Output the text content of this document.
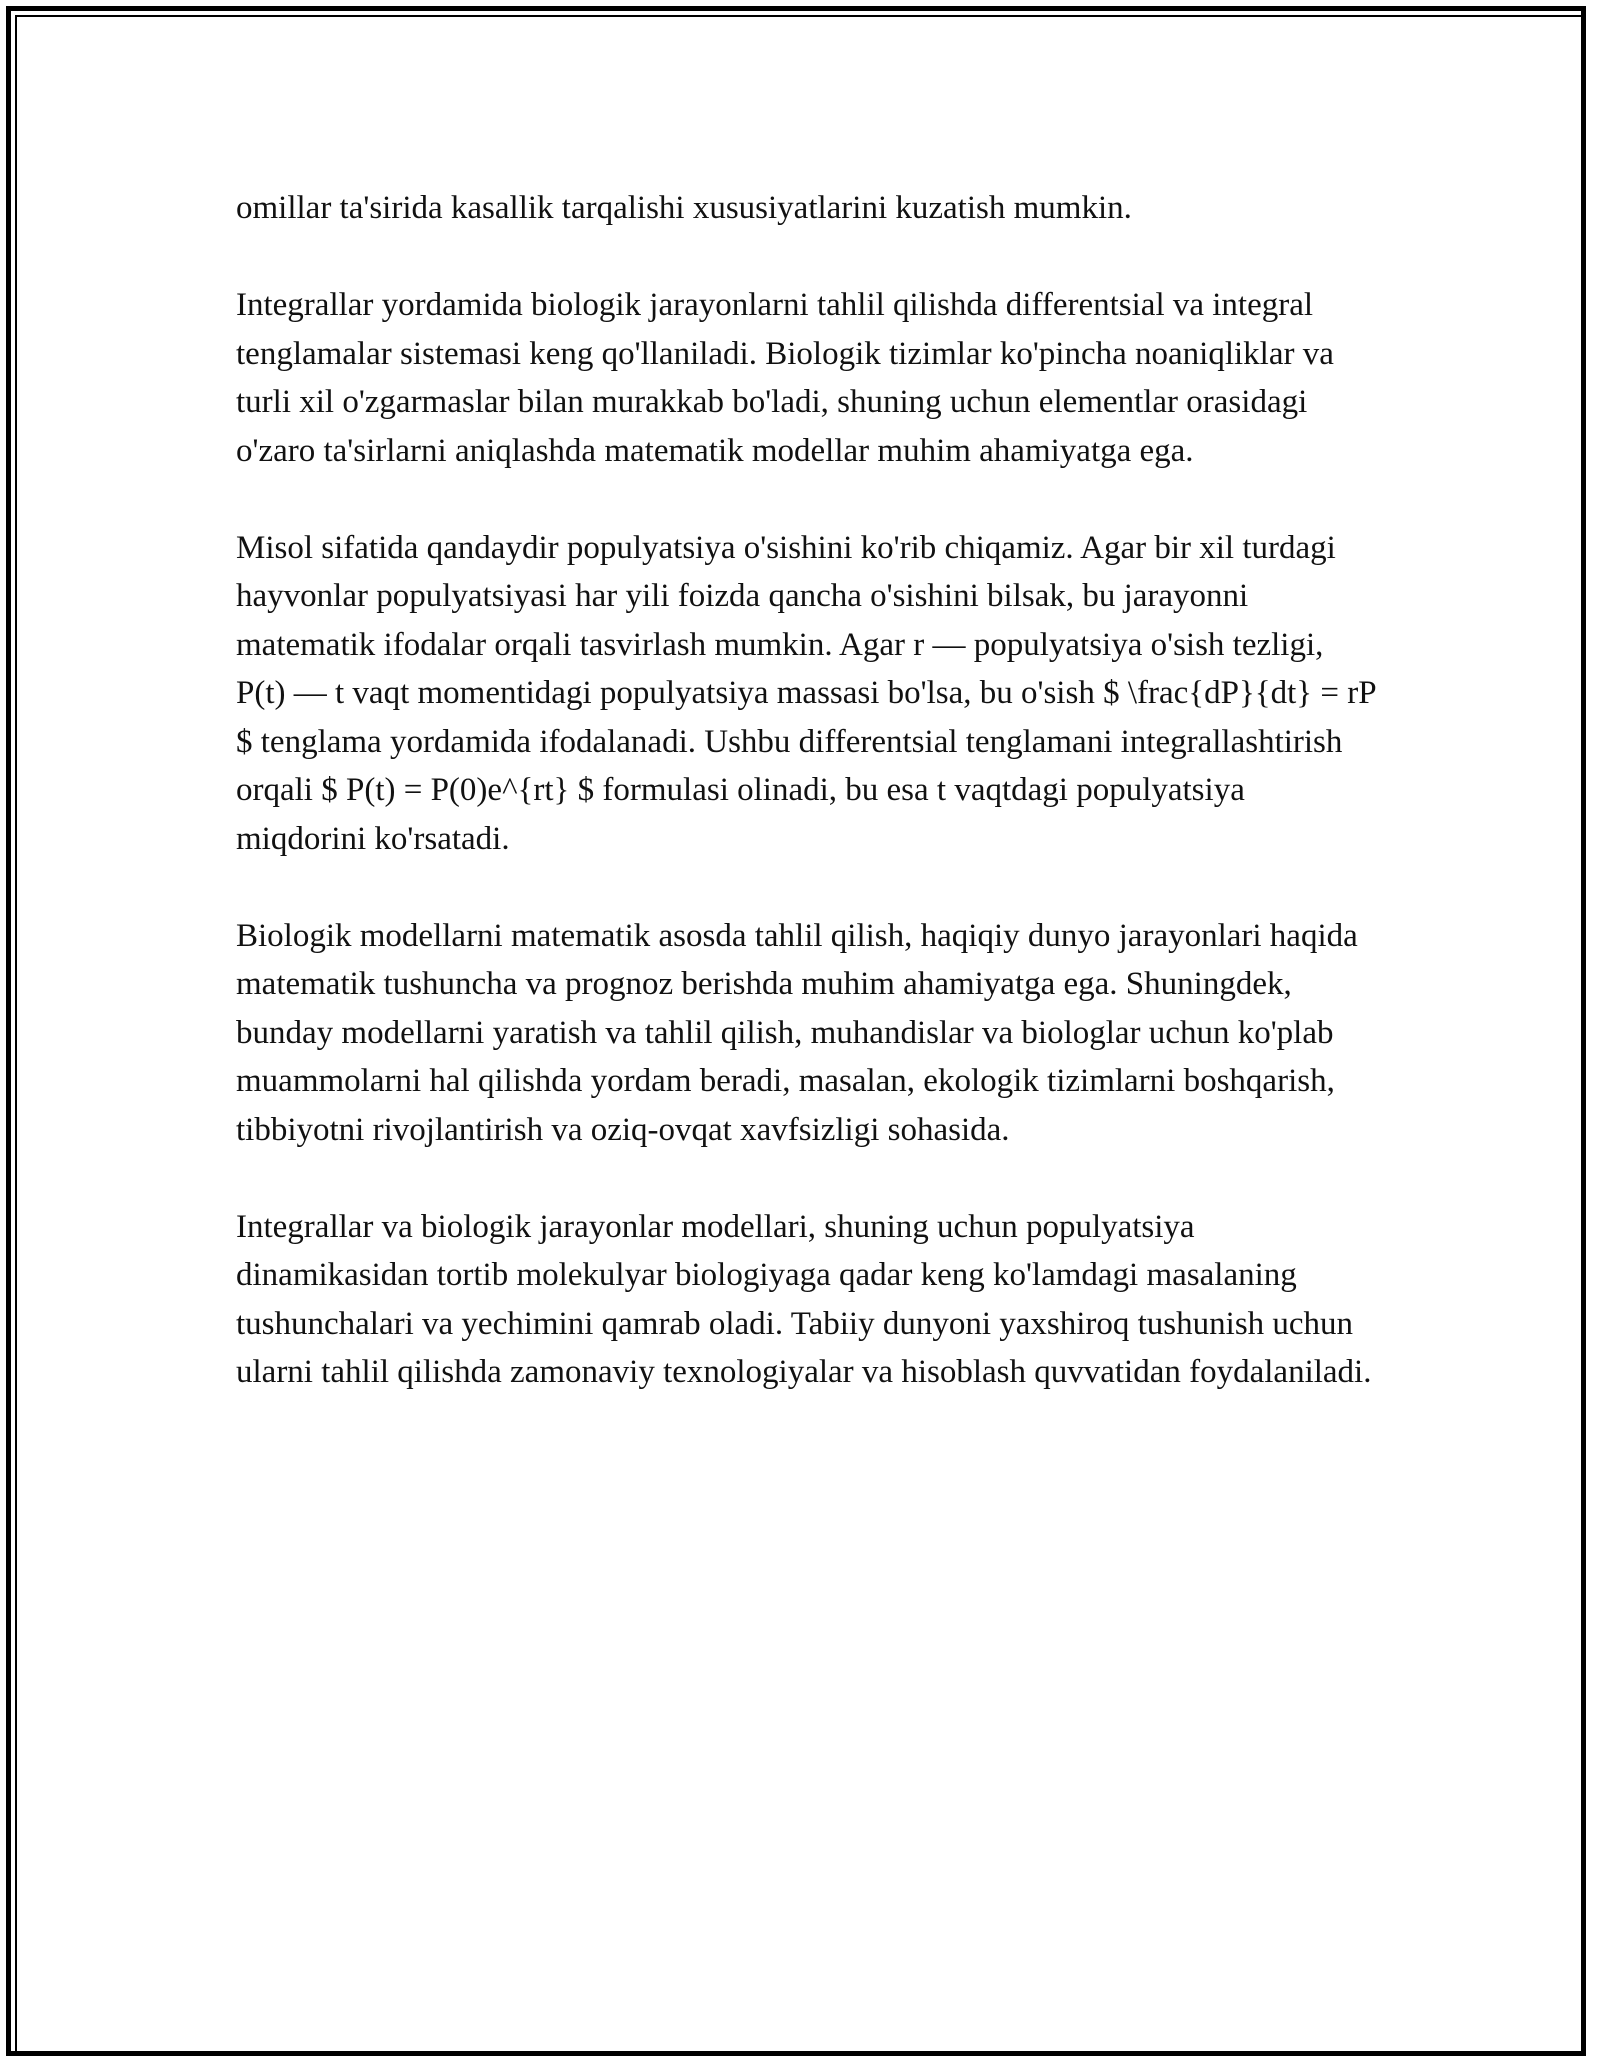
omillar ta'sirida kasallik tarqalishi xususiyatlarini kuzatish mumkin.

Integrallar yordamida biologik jarayonlarni tahlil qilishda differentsial va integral tenglamalar sistemasi keng qo'llaniladi. Biologik tizimlar ko'pincha noaniqliklar va turli xil o'zgarmaslar bilan murakkab bo'ladi, shuning uchun elementlar orasidagi o'zaro ta'sirlarni aniqlashda matematik modellar muhim ahamiyatga ega.

Misol sifatida qandaydir populyatsiya o'sishini ko'rib chiqamiz. Agar bir xil turdagi hayvonlar populyatsiyasi har yili foizda qancha o'sishini bilsak, bu jarayonni matematik ifodalar orqali tasvirlash mumkin. Agar r — populyatsiya o'sish tezligi, P(t) — t vaqt momentidagi populyatsiya massasi bo'lsa, bu o'sish $ \frac{dP}{dt} = rP $ tenglama yordamida ifodalanadi. Ushbu differentsial tenglamani integrallashtirish orqali $ P(t) = P(0)e^{rt} $ formulasi olinadi, bu esa t vaqtdagi populyatsiya miqdorini ko'rsatadi.

Biologik modellarni matematik asosda tahlil qilish, haqiqiy dunyo jarayonlari haqida matematik tushuncha va prognoz berishda muhim ahamiyatga ega. Shuningdek, bunday modellarni yaratish va tahlil qilish, muhandislar va biologlar uchun ko'plab muammolarni hal qilishda yordam beradi, masalan, ekologik tizimlarni boshqarish, tibbiyotni rivojlantirish va oziq-ovqat xavfsizligi sohasida.

Integrallar va biologik jarayonlar modellari, shuning uchun populyatsiya dinamikasidan tortib molekulyar biologiyaga qadar keng ko'lamdagi masalaning tushunchalari va yechimini qamrab oladi. Tabiiy dunyoni yaxshiroq tushunish uchun ularni tahlil qilishda zamonaviy texnologiyalar va hisoblash quvvatidan foydalaniladi.
